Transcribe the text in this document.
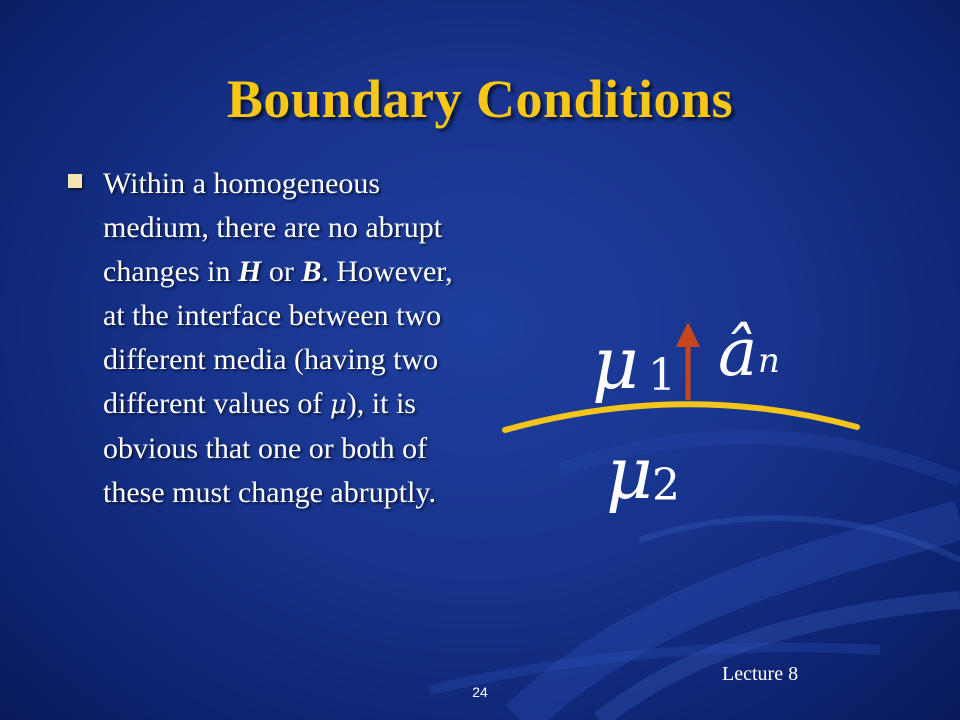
Boundary Conditions
Within a homogeneous medium, there are no abrupt changes in H or B. However, at the interface between two different media (having two different values of μ), it is obvious that one or both of these must change abruptly.
μ 1
μ 2
â n
Lecture 8
24
